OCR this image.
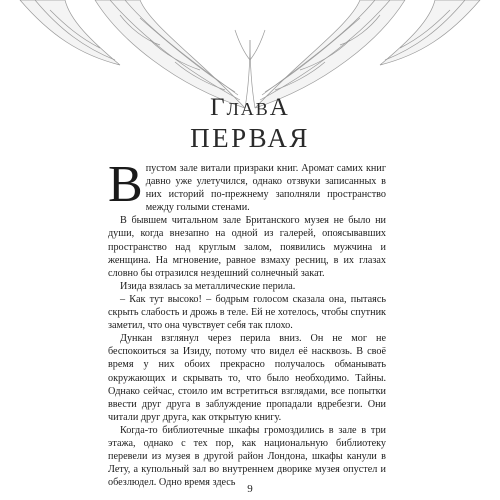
ГлавА
ПЕРВАЯ

Впустом зале витали призраки книг. Аромат самих книг давно уже улетучился, однако отзвуки записанных в них историй по-прежнему заполняли пространство между голыми стенами.

В бывшем читальном зале Британского музея не было ни души, когда внезапно на одной из галерей, опоясывавших пространство над круглым залом, появились мужчина и женщина. На мгновение, равное взмаху ресниц, в их глазах словно бы отразился нездешний солнечный закат.

Изида взялась за металлические перила.

– Как тут высоко! – бодрым голосом сказала она, пытаясь скрыть слабость и дрожь в теле. Ей не хотелось, чтобы спутник заметил, что она чувствует себя так плохо.

Дункан взглянул через перила вниз. Он не мог не беспокоиться за Изиду, потому что видел её насквозь. В своё время у них обоих прекрасно получалось обманывать окружающих и скрывать то, что было необходимо. Тайны. Однако сейчас, стоило им встретиться взглядами, все попытки ввести друг друга в заблуждение пропадали вдребезги. Они читали друг друга, как открытую книгу.

Когда-то библиотечные шкафы громоздились в зале в три этажа, однако с тех пор, как национальную библиотеку перевели из музея в другой район Лондона, шкафы канули в Лету, а купольный зал во внутреннем дворике музея опустел и обезлюдел. Одно время здесь

9
